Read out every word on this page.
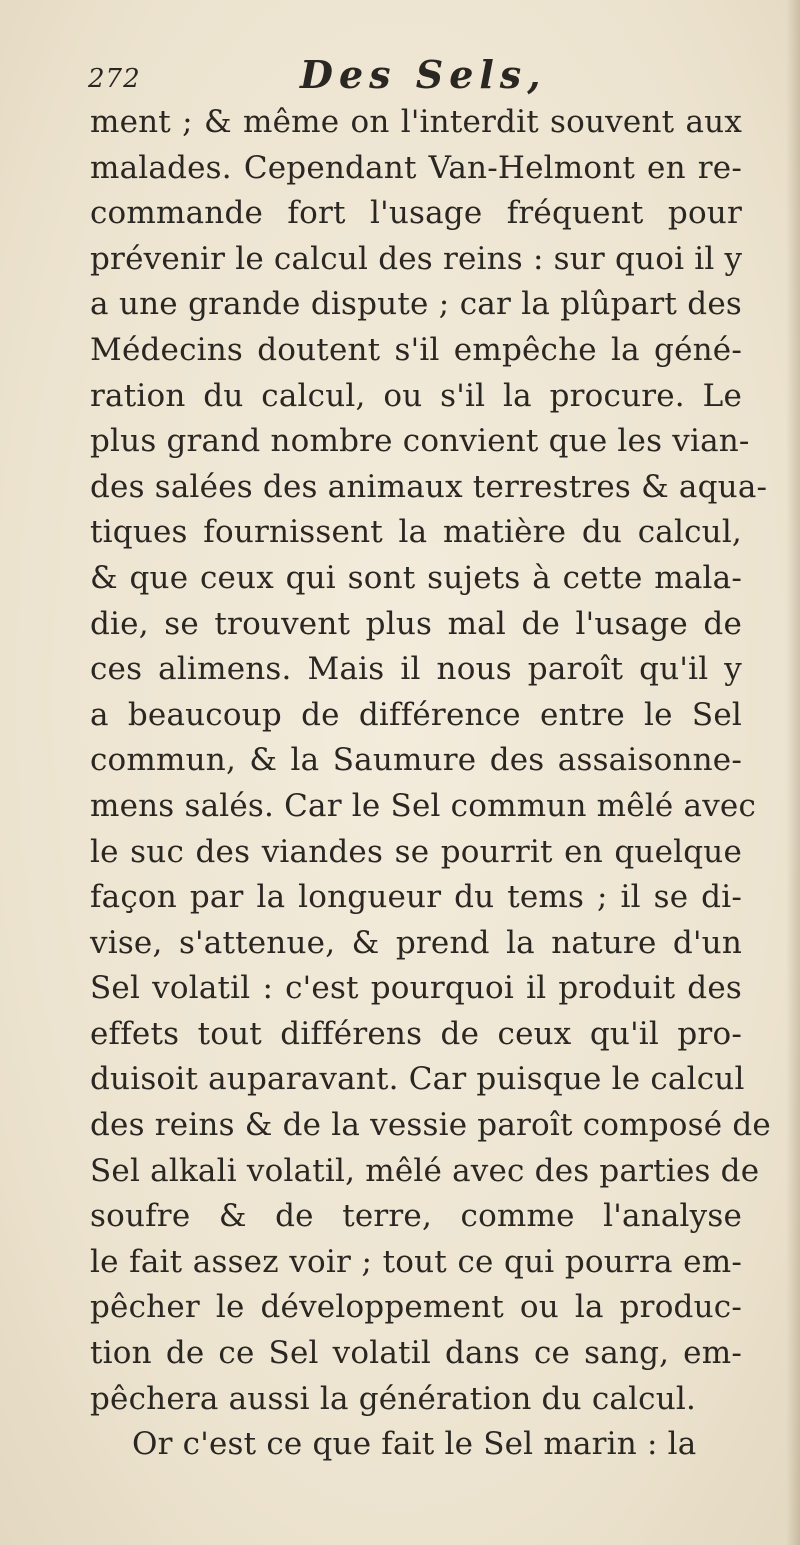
272	Des Sels,
ment ; & même on l'interdit souvent aux
malades. Cependant Van-Helmont en re-
commande fort l'usage fréquent pour
prévenir le calcul des reins : sur quoi il y
a une grande dispute ; car la plûpart des
Médecins doutent s'il empêche la géné-
ration du calcul, ou s'il la procure. Le
plus grand nombre convient que les vian-
des salées des animaux terrestres & aqua-
tiques fournissent la matière du calcul,
& que ceux qui sont sujets à cette mala-
die, se trouvent plus mal de l'usage de
ces alimens. Mais il nous paroît qu'il y
a beaucoup de différence entre le Sel
commun, & la Saumure des assaisonne-
mens salés. Car le Sel commun mêlé avec
le suc des viandes se pourrit en quelque
façon par la longueur du tems ; il se di-
vise, s'attenue, & prend la nature d'un
Sel volatil : c'est pourquoi il produit des
effets tout différens de ceux qu'il pro-
duisoit auparavant. Car puisque le calcul
des reins & de la vessie paroît composé de
Sel alkali volatil, mêlé avec des parties de
soufre & de terre, comme l'analyse
le fait assez voir ; tout ce qui pourra em-
pêcher le développement ou la produc-
tion de ce Sel volatil dans ce sang, em-
pêchera aussi la génération du calcul.
Or c'est ce que fait le Sel marin : la
